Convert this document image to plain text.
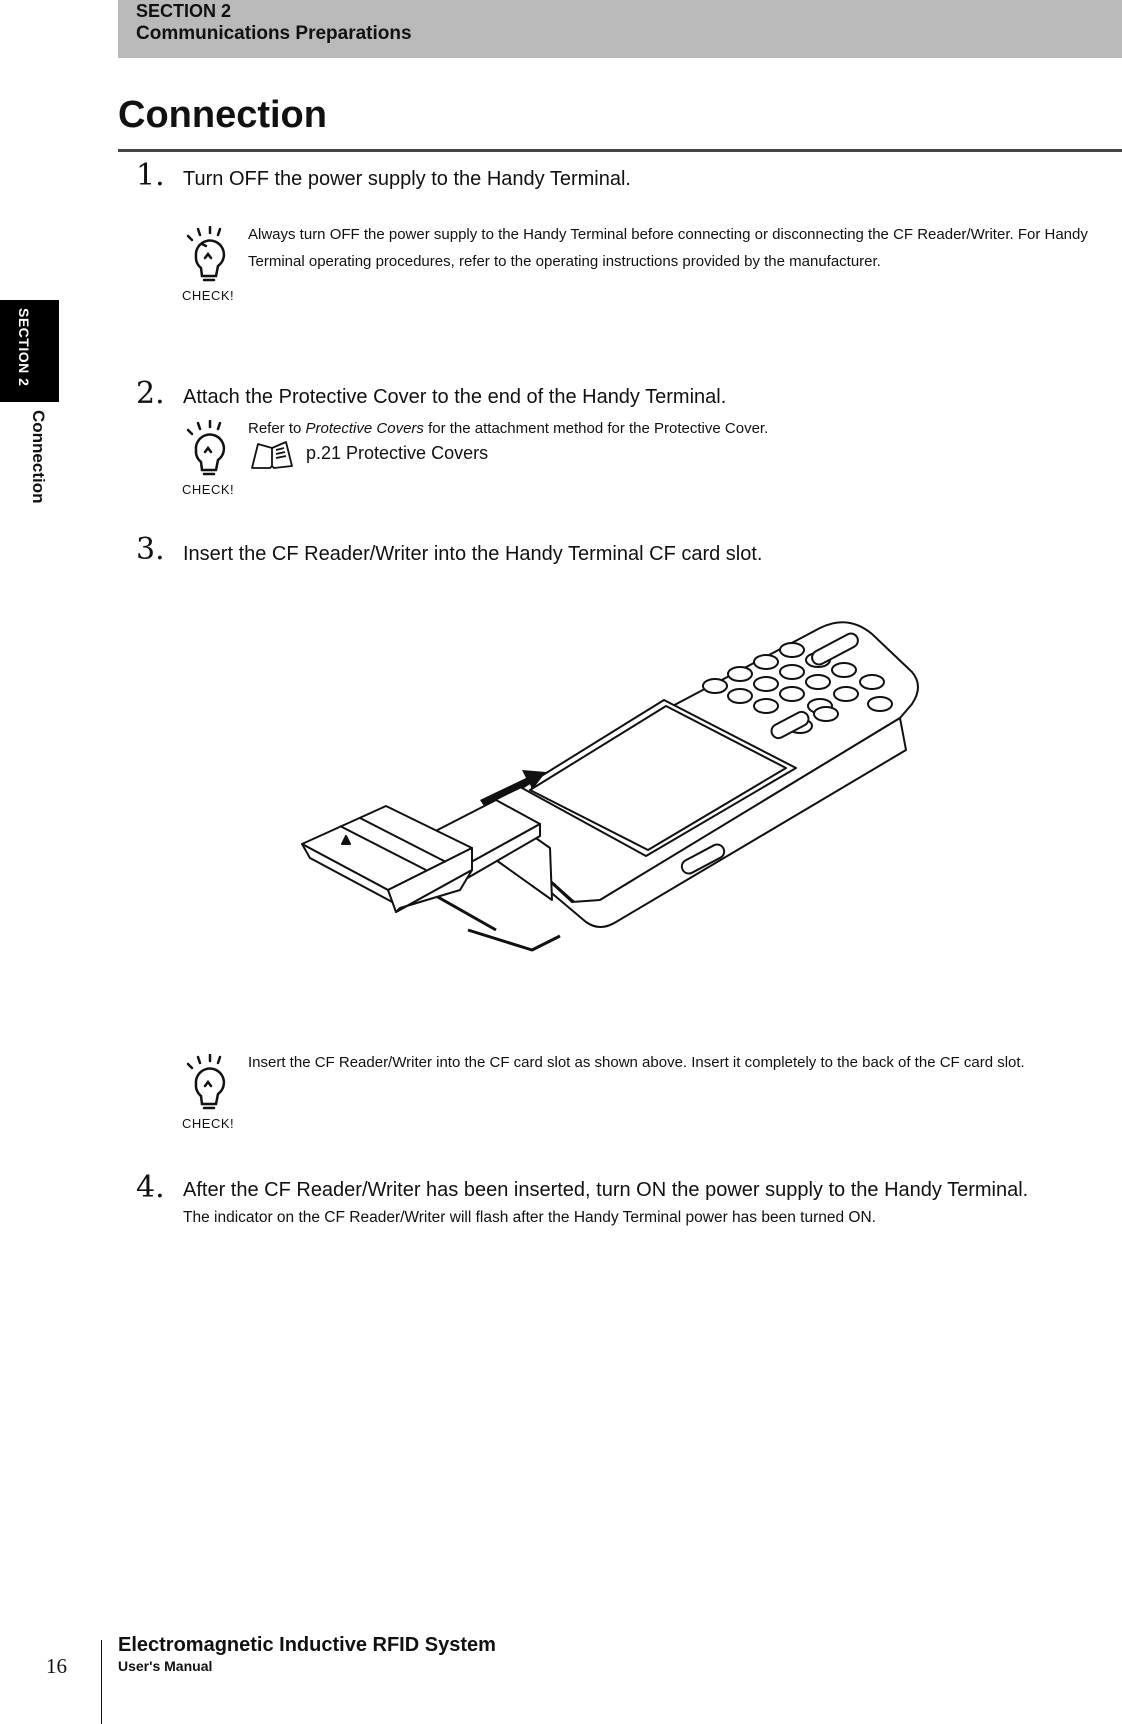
SECTION 2
Communications Preparations
SECTION 2
Connection
Connection
1. Turn OFF the power supply to the Handy Terminal.
CHECK!
Always turn OFF the power supply to the Handy Terminal before connecting or disconnecting the CF Reader/Writer. For Handy Terminal operating procedures, refer to the operating instructions provided by the manufacturer.
2. Attach the Protective Cover to the end of the Handy Terminal.
CHECK!
Refer to Protective Covers for the attachment method for the Protective Cover.
p.21 Protective Covers
3. Insert the CF Reader/Writer into the Handy Terminal CF card slot.
CHECK!
Insert the CF Reader/Writer into the CF card slot as shown above. Insert it completely to the back of the CF card slot.
4. After the CF Reader/Writer has been inserted, turn ON the power supply to the Handy Terminal.
The indicator on the CF Reader/Writer will flash after the Handy Terminal power has been turned ON.
16
Electromagnetic Inductive RFID System
User's Manual
